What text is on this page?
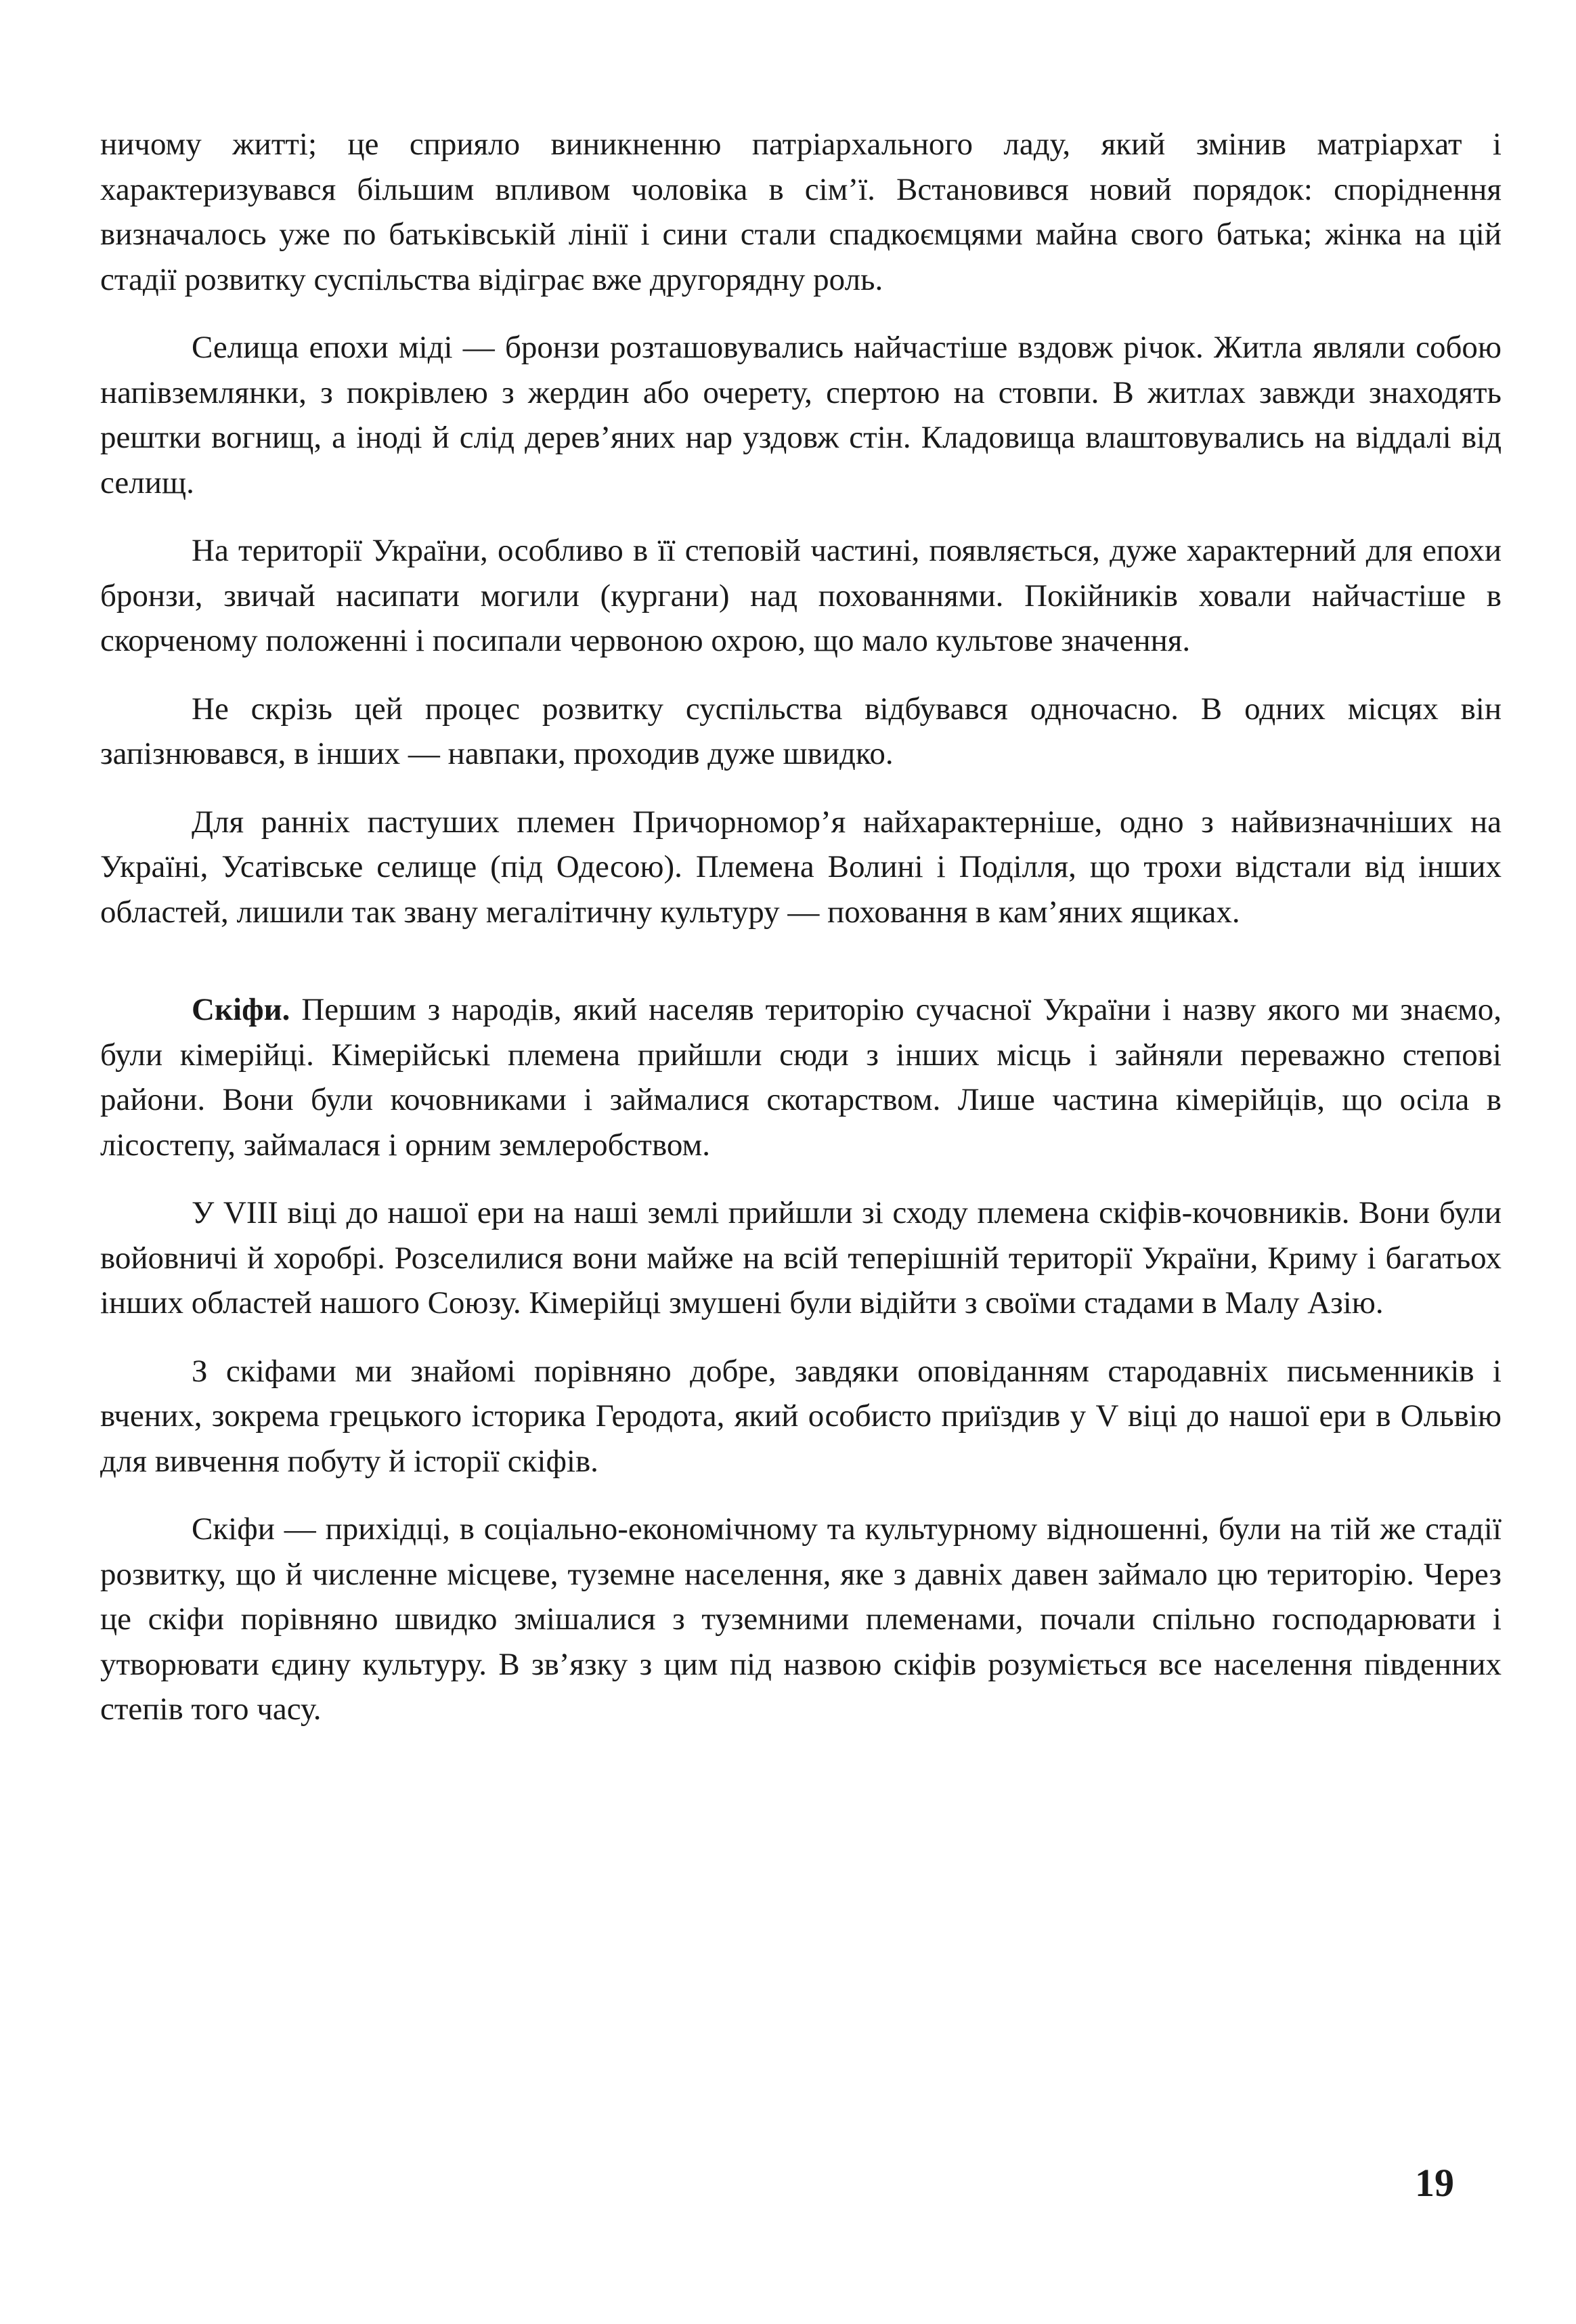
ничому житті; це сприяло виникненню патріархального ладу, який змінив матріархат і характеризувався більшим впливом чоловіка в сім’ї. Встановився новий порядок: споріднення визначалось уже по батьківській лінії і сини стали спадкоємцями майна свого батька; жінка на цій стадії розвитку суспільства відіграє вже другорядну роль.

Селища епохи міді — бронзи розташовувались найчастіше вздовж річок. Житла являли собою напівземлянки, з покрівлею з жердин або очерету, спертою на стовпи. В житлах завжди знаходять рештки вогнищ, а іноді й слід дерев’яних нар уздовж стін. Кладовища влаштовувались на віддалі від селищ.

На території України, особливо в її степовій частині, появляється, дуже характерний для епохи бронзи, звичай насипати могили (кургани) над похованнями. Покійників ховали найчастіше в скорченому положенні і посипали червоною охрою, що мало культове значення.

Не скрізь цей процес розвитку суспільства відбувався одночасно. В одних місцях він запізнювався, в інших — навпаки, проходив дуже швидко.

Для ранніх пастуших племен Причорномор’я найхарактерніше, одно з найвизначніших на Україні, Усатівське селище (під Одесою). Племена Волині і Поділля, що трохи відстали від інших областей, лишили так звану мегалітичну культуру — поховання в кам’яних ящиках.

Скіфи. Першим з народів, який населяв територію сучасної України і назву якого ми знаємо, були кімерійці. Кімерійські племена прийшли сюди з інших місць і зайняли переважно степові райони. Вони були кочовниками і займалися скотарством. Лише частина кімерійців, що осіла в лісостепу, займалася і орним землеробством.

У VIII віці до нашої ери на наші землі прийшли зі сходу племена скіфів-кочовників. Вони були войовничі й хоробрі. Розселилися вони майже на всій теперішній території України, Криму і багатьох інших областей нашого Союзу. Кімерійці змушені були відійти з своїми стадами в Малу Азію.

З скіфами ми знайомі порівняно добре, завдяки оповіданням стародавніх письменників і вчених, зокрема грецького історика Геродота, який особисто приїздив у V віці до нашої ери в Ольвію для вивчення побуту й історії скіфів.

Скіфи — прихідці, в соціально-економічному та культурному відношенні, були на тій же стадії розвитку, що й численне місцеве, туземне населення, яке з давніх давен займало цю територію. Через це скіфи порівняно швидко змішалися з туземними племенами, почали спільно господарювати і утворювати єдину культуру. В зв’язку з цим під назвою скіфів розуміється все населення південних степів того часу.

19
